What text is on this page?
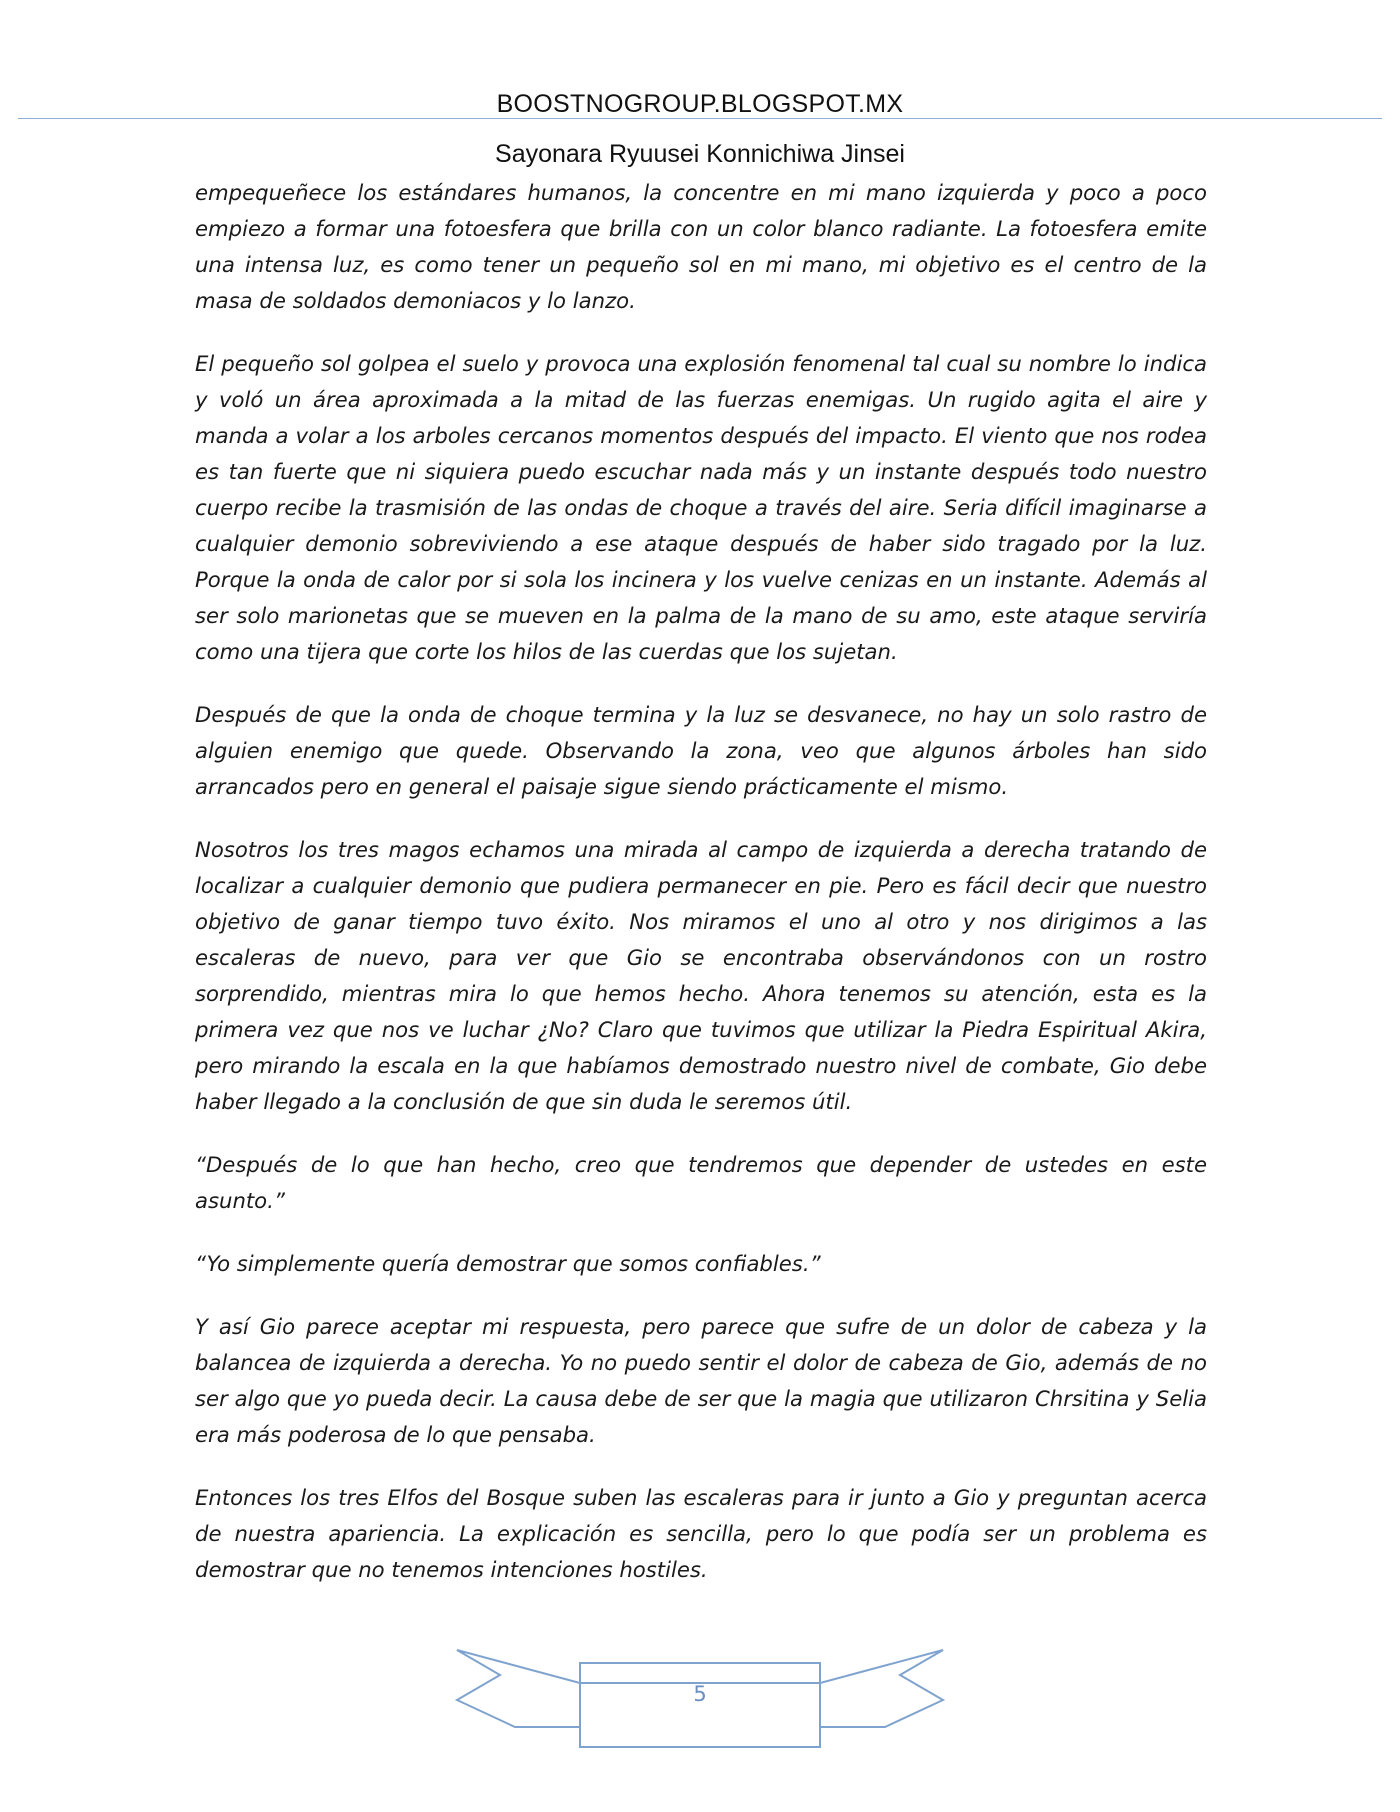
BOOSTNOGROUP.BLOGSPOT.MX
Sayonara Ryuusei Konnichiwa Jinsei

empequeñece los estándares humanos, la concentre en mi mano izquierda y poco a poco empiezo a formar una fotoesfera que brilla con un color blanco radiante. La fotoesfera emite una intensa luz, es como tener un pequeño sol en mi mano, mi objetivo es el centro de la masa de soldados demoniacos y lo lanzo.

El pequeño sol golpea el suelo y provoca una explosión fenomenal tal cual su nombre lo indica y voló un área aproximada a la mitad de las fuerzas enemigas. Un rugido agita el aire y manda a volar a los arboles cercanos momentos después del impacto. El viento que nos rodea es tan fuerte que ni siquiera puedo escuchar nada más y un instante después todo nuestro cuerpo recibe la trasmisión de las ondas de choque a través del aire. Seria difícil imaginarse a cualquier demonio sobreviviendo a ese ataque después de haber sido tragado por la luz. Porque la onda de calor por si sola los incinera y los vuelve cenizas en un instante. Además al ser solo marionetas que se mueven en la palma de la mano de su amo, este ataque serviría como una tijera que corte los hilos de las cuerdas que los sujetan.

Después de que la onda de choque termina y la luz se desvanece, no hay un solo rastro de alguien enemigo que quede. Observando la zona, veo que algunos árboles han sido arrancados pero en general el paisaje sigue siendo prácticamente el mismo.

Nosotros los tres magos echamos una mirada al campo de izquierda a derecha tratando de localizar a cualquier demonio que pudiera permanecer en pie. Pero es fácil decir que nuestro objetivo de ganar tiempo tuvo éxito. Nos miramos el uno al otro y nos dirigimos a las escaleras de nuevo, para ver que Gio se encontraba observándonos con un rostro sorprendido, mientras mira lo que hemos hecho. Ahora tenemos su atención, esta es la primera vez que nos ve luchar ¿No? Claro que tuvimos que utilizar la Piedra Espiritual Akira, pero mirando la escala en la que habíamos demostrado nuestro nivel de combate, Gio debe haber llegado a la conclusión de que sin duda le seremos útil.

“Después de lo que han hecho, creo que tendremos que depender de ustedes en este asunto.”

“Yo simplemente quería demostrar que somos confiables.”

Y así Gio parece aceptar mi respuesta, pero parece que sufre de un dolor de cabeza y la balancea de izquierda a derecha. Yo no puedo sentir el dolor de cabeza de Gio, además de no ser algo que yo pueda decir. La causa debe de ser que la magia que utilizaron Chrsitina y Selia era más poderosa de lo que pensaba.

Entonces los tres Elfos del Bosque suben las escaleras para ir junto a Gio y preguntan acerca de nuestra apariencia. La explicación es sencilla, pero lo que podía ser un problema es demostrar que no tenemos intenciones hostiles.

5
